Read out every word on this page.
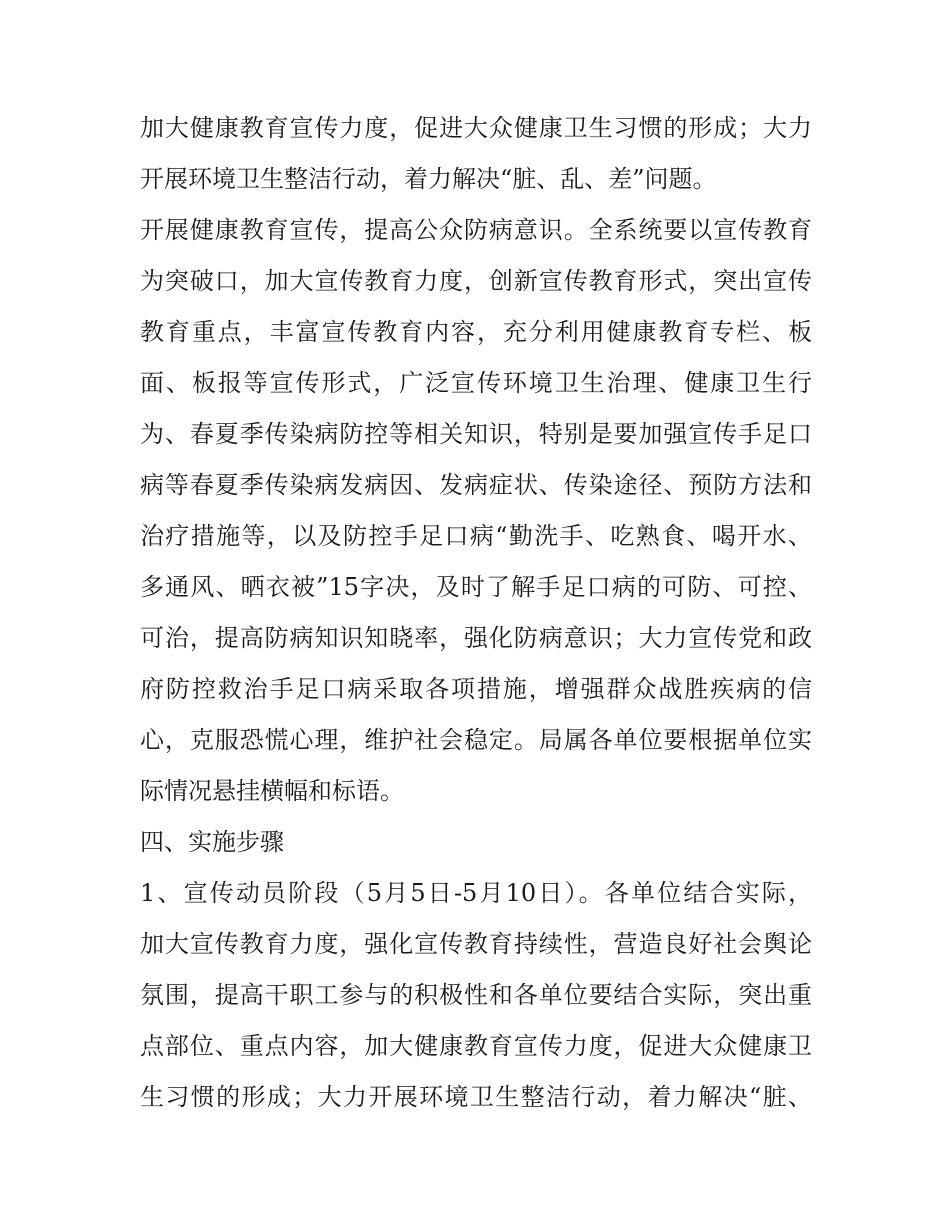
加大健康教育宣传力度，促进大众健康卫生习惯的形成；大力
开展环境卫生整洁行动，着力解决“脏、乱、差”问题。
开展健康教育宣传，提高公众防病意识。全系统要以宣传教育
为突破口，加大宣传教育力度，创新宣传教育形式，突出宣传
教育重点，丰富宣传教育内容，充分利用健康教育专栏、板
面、板报等宣传形式，广泛宣传环境卫生治理、健康卫生行
为、春夏季传染病防控等相关知识，特别是要加强宣传手足口
病等春夏季传染病发病因、发病症状、传染途径、预防方法和
治疗措施等，以及防控手足口病“勤洗手、吃熟食、喝开水、
多通风、晒衣被”15字决，及时了解手足口病的可防、可控、
可治，提高防病知识知晓率，强化防病意识；大力宣传党和政
府防控救治手足口病采取各项措施，增强群众战胜疾病的信
心，克服恐慌心理，维护社会稳定。局属各单位要根据单位实
际情况悬挂横幅和标语。
四、实施步骤
1、宣传动员阶段（5月5日-5月10日）。各单位结合实际，
加大宣传教育力度，强化宣传教育持续性，营造良好社会舆论
氛围，提高干职工参与的积极性和各单位要结合实际，突出重
点部位、重点内容，加大健康教育宣传力度，促进大众健康卫
生习惯的形成；大力开展环境卫生整洁行动，着力解决“脏、
